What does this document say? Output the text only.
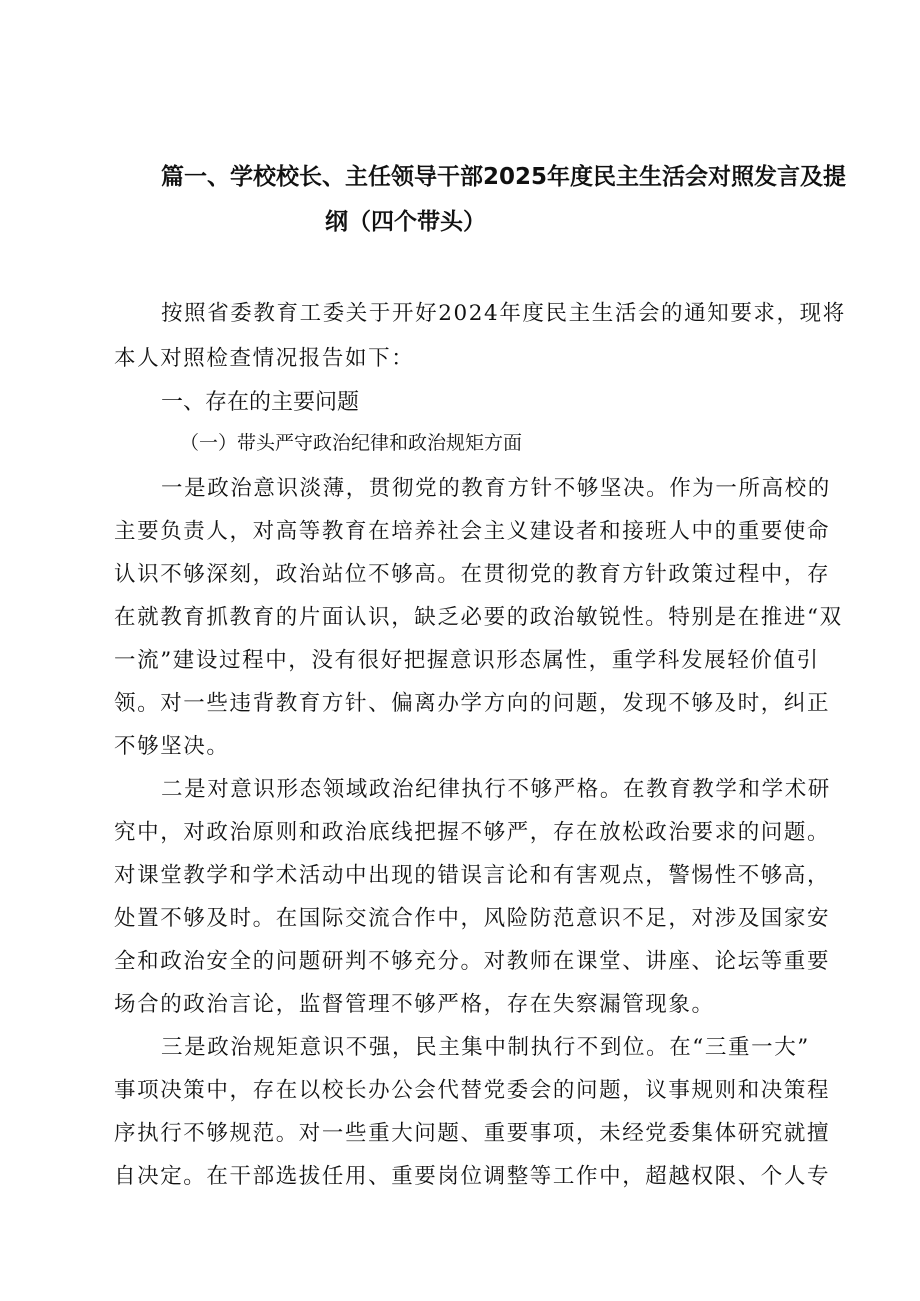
篇一、学校校长、主任领导干部2025年度民主生活会对照发言及提
纲（四个带头）
按照省委教育工委关于开好2024年度民主生活会的通知要求，现将
本人对照检查情况报告如下：
一、存在的主要问题
（一）带头严守政治纪律和政治规矩方面
一是政治意识淡薄，贯彻党的教育方针不够坚决。作为一所高校的
主要负责人，对高等教育在培养社会主义建设者和接班人中的重要使命
认识不够深刻，政治站位不够高。在贯彻党的教育方针政策过程中，存
在就教育抓教育的片面认识，缺乏必要的政治敏锐性。特别是在推进“双
一流”建设过程中，没有很好把握意识形态属性，重学科发展轻价值引
领。对一些违背教育方针、偏离办学方向的问题，发现不够及时，纠正
不够坚决。
二是对意识形态领域政治纪律执行不够严格。在教育教学和学术研
究中，对政治原则和政治底线把握不够严，存在放松政治要求的问题。
对课堂教学和学术活动中出现的错误言论和有害观点，警惕性不够高，
处置不够及时。在国际交流合作中，风险防范意识不足，对涉及国家安
全和政治安全的问题研判不够充分。对教师在课堂、讲座、论坛等重要
场合的政治言论，监督管理不够严格，存在失察漏管现象。
三是政治规矩意识不强，民主集中制执行不到位。在“三重一大”
事项决策中，存在以校长办公会代替党委会的问题，议事规则和决策程
序执行不够规范。对一些重大问题、重要事项，未经党委集体研究就擅
自决定。在干部选拔任用、重要岗位调整等工作中，超越权限、个人专
